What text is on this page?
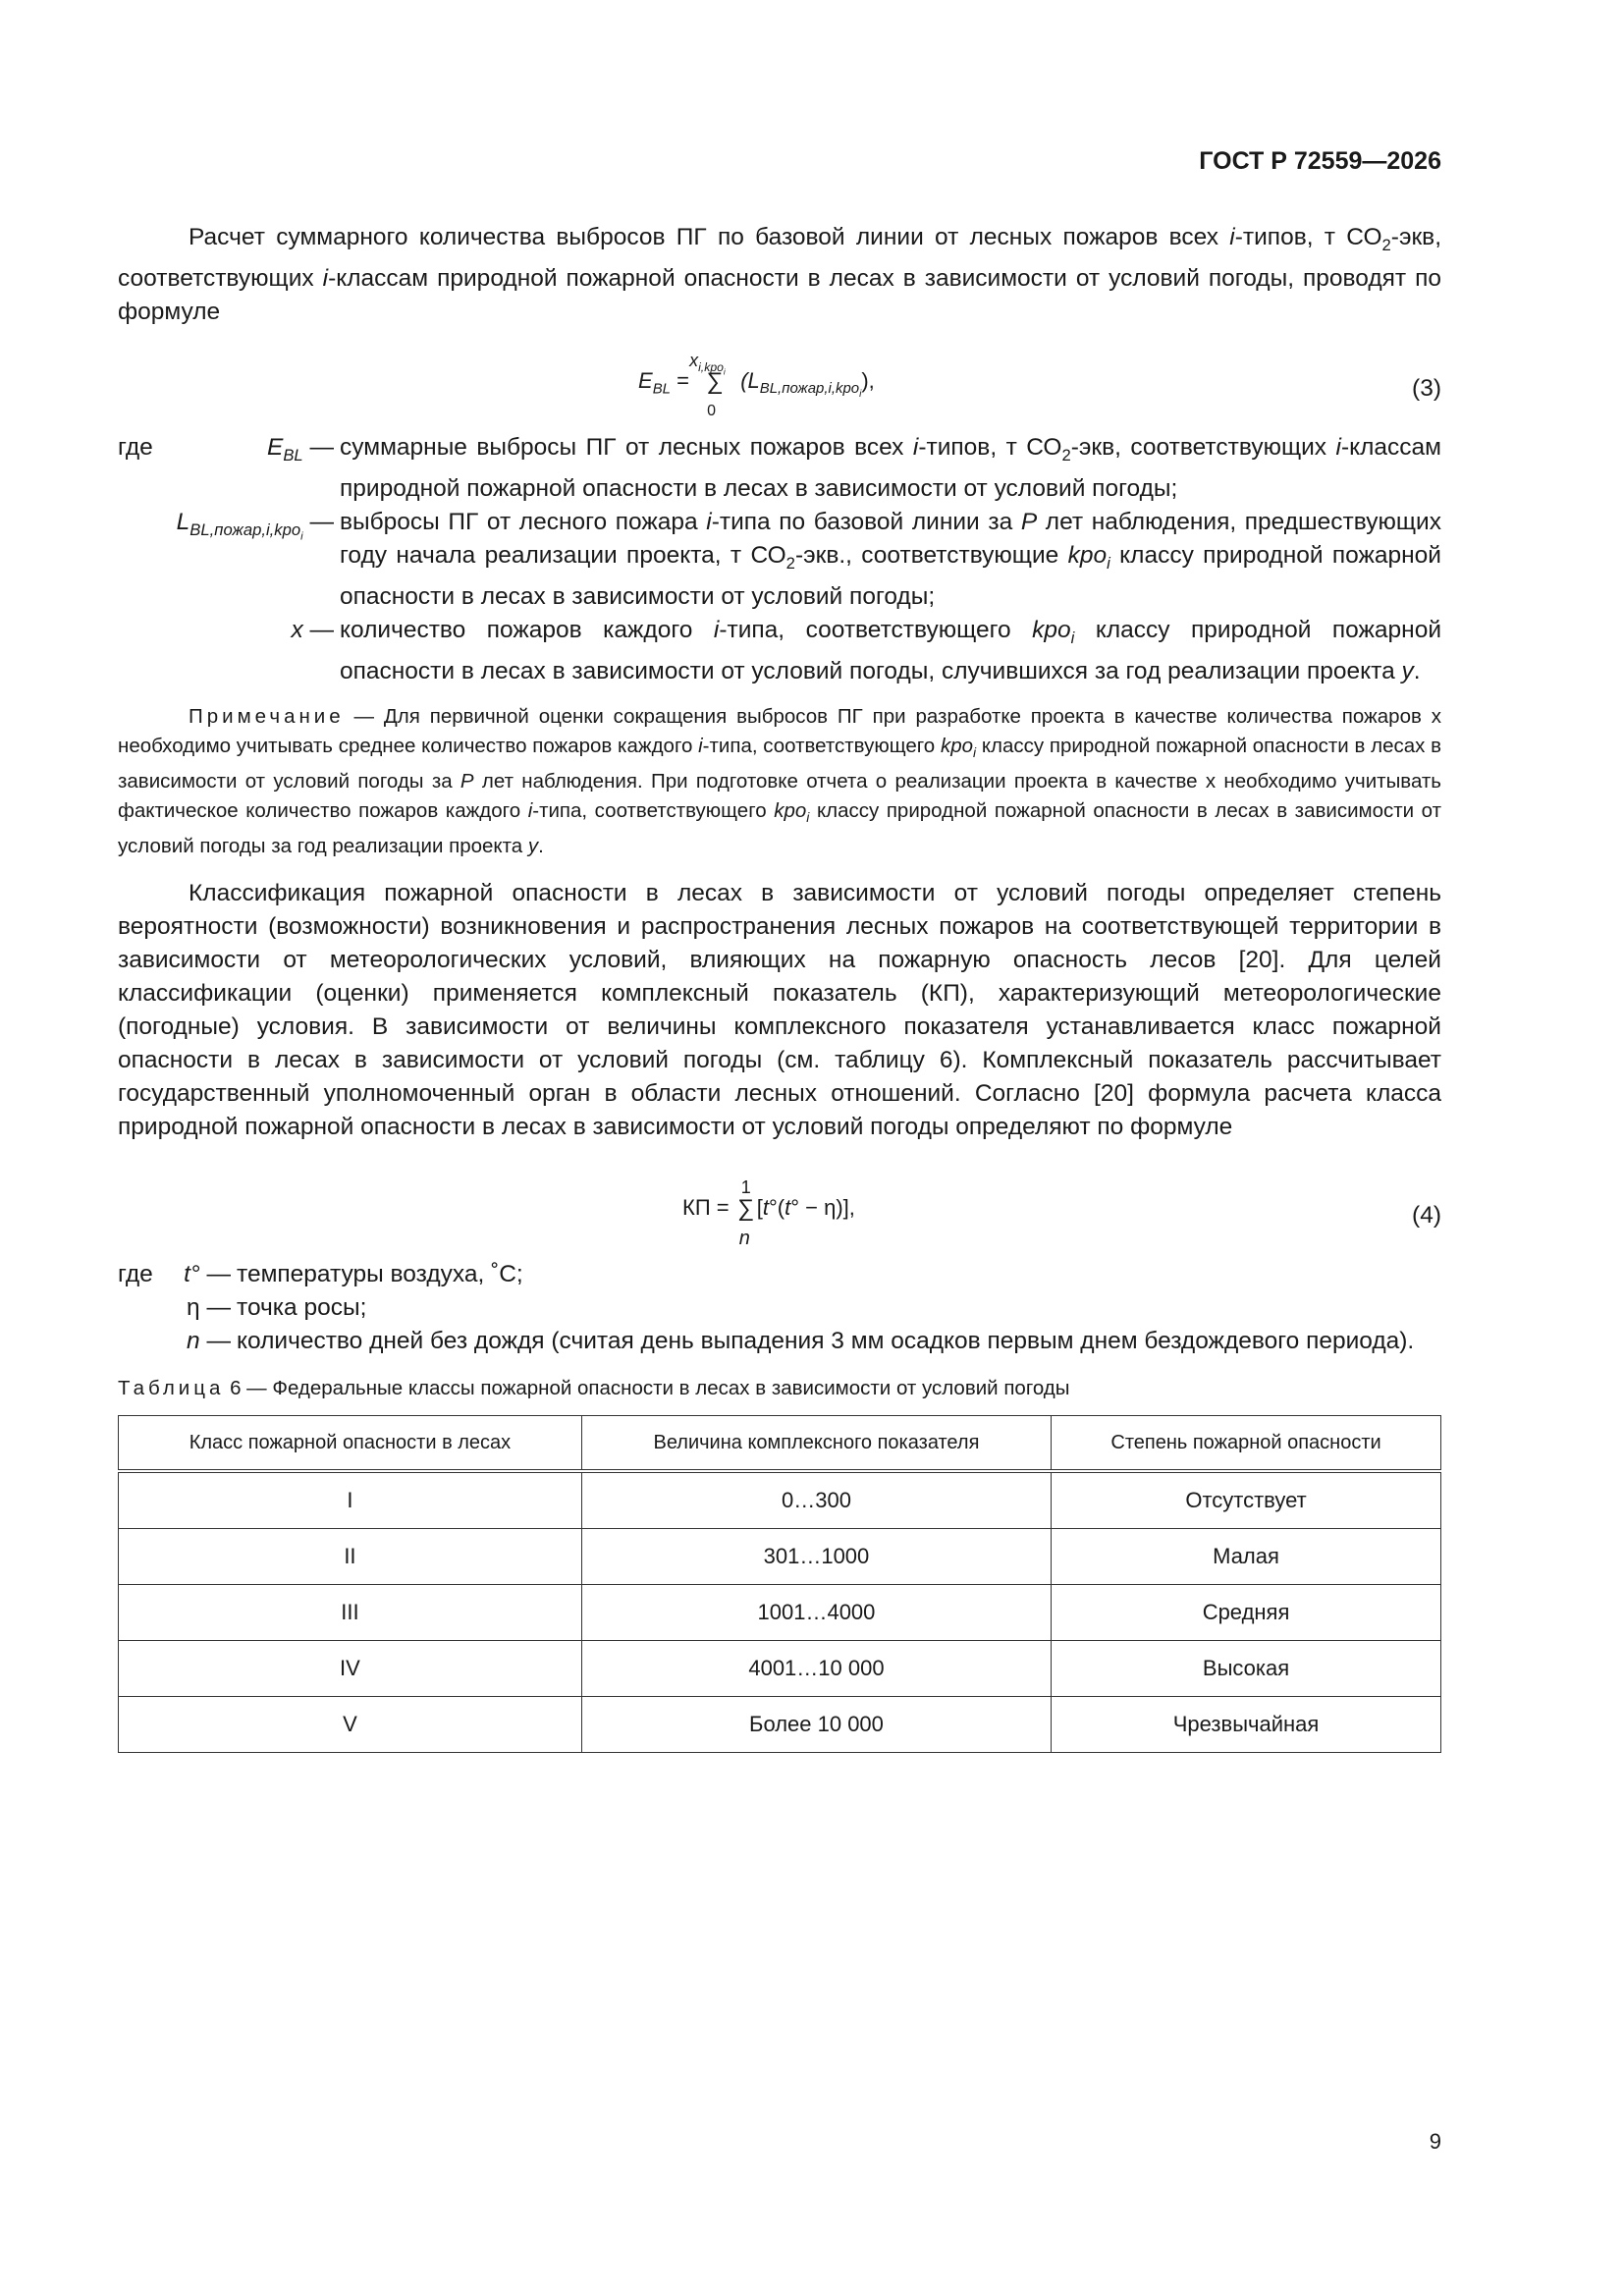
ГОСТ Р 72559—2026

Расчет суммарного количества выбросов ПГ по базовой линии от лесных пожаров всех i-типов, т $СО_2$-экв, соответствующих i-классам природной пожарной опасности в лесах в зависимости от условий погоды, проводят по формуле

$E_{BL}$ =
$x_{i,kpo_i}$
∑
0
$(L_{BL,пожар,i,kpo_i})$,	(3)
где	$E_{BL}$ — суммарные выбросы ПГ от лесных пожаров всех i-типов, т $СО_2$-экв, соответствующих i-классам природной пожарной опасности в лесах в зависимости от условий погоды;
$L_{BL,пожар,i,kpo_i}$ — выбросы ПГ от лесного пожара i-типа по базовой линии за P лет наблюдения, предшествующих году начала реализации проекта, т $СО_2$-экв., соответствующие kpo$_i$ классу природной пожарной опасности в лесах в зависимости от условий погоды;
x — количество пожаров каждого i-типа, соответствующего kpo$_i$ классу природной пожарной опасности в лесах в зависимости от условий погоды, случившихся за год реализации проекта y.

Примечание — Для первичной оценки сокращения выбросов ПГ при разработке проекта в качестве количества пожаров x необходимо учитывать среднее количество пожаров каждого i-типа, соответствующего kpo$_i$ классу природной пожарной опасности в лесах в зависимости от условий погоды за P лет наблюдения. При подготовке отчета о реализации проекта в качестве x необходимо учитывать фактическое количество пожаров каждого i-типа, соответствующего kpo$_i$ классу природной пожарной опасности в лесах в зависимости от условий погоды за год реализации проекта y.

Классификация пожарной опасности в лесах в зависимости от условий погоды определяет степень вероятности (возможности) возникновения и распространения лесных пожаров на соответствующей территории в зависимости от метеорологических условий, влияющих на пожарную опасность лесов [20]. Для целей классификации (оценки) применяется комплексный показатель (КП), характеризующий метеорологические (погодные) условия. В зависимости от величины комплексного показателя устанавливается класс пожарной опасности в лесах в зависимости от условий погоды (см. таблицу 6). Комплексный показатель рассчитывает государственный уполномоченный орган в области лесных отношений. Согласно [20] формула расчета класса природной пожарной опасности в лесах в зависимости от условий погоды определяют по формуле

КП =
1
∑
n
[t°(t° − η)],	(4)
где t° — температуры воздуха, ˚С;
η — точка росы;
n — количество дней без дождя (считая день выпадения 3 мм осадков первым днем бездождевого периода).
Таблица 6 — Федеральные классы пожарной опасности в лесах в зависимости от условий погоды
Класс пожарной опасности в лесах	Величина комплексного показателя	Степень пожарной опасности
I	0…300	Отсутствует
II	301…1000	Малая
III	1001…4000	Средняя
IV	4001…10 000	Высокая
V	Более 10 000	Чрезвычайная
9
